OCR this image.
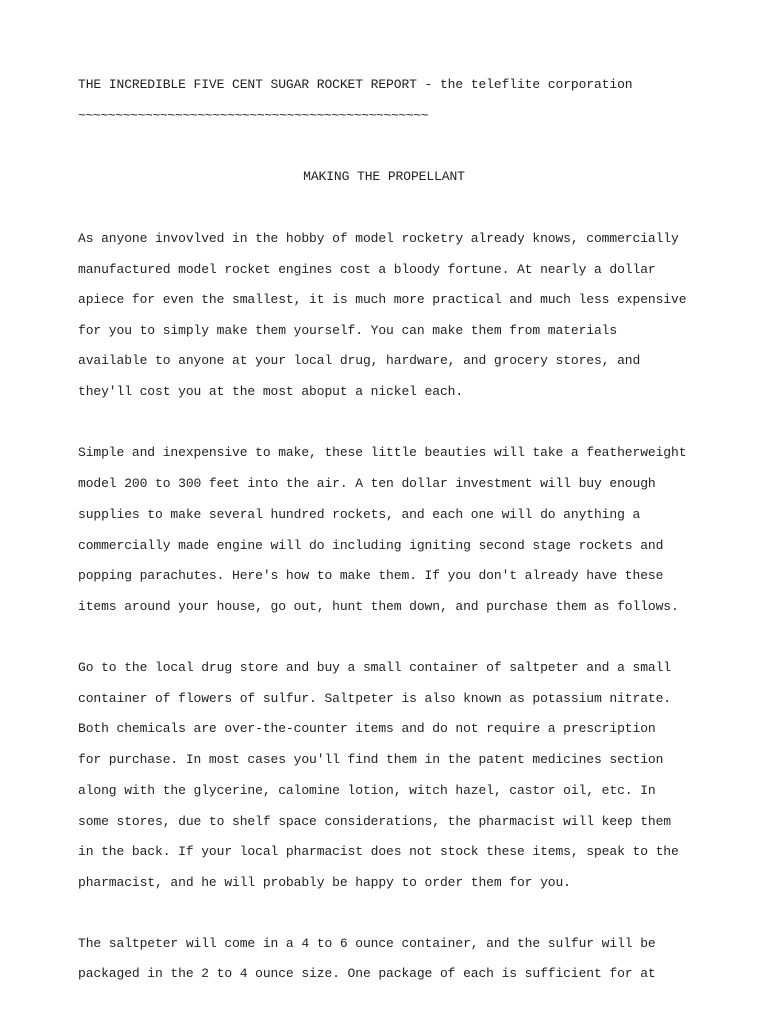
THE INCREDIBLE FIVE CENT SUGAR ROCKET REPORT - the teleflite corporation
~~~~~~~~~~~~~~~~~~~~~~~~~~~~~~~~~~~~~~~~~~~~~~~
MAKING THE PROPELLANT
As anyone invovlved in the hobby of model rocketry already knows, commercially
manufactured model rocket engines cost a bloody fortune. At nearly a dollar
apiece for even the smallest, it is much more practical and much less expensive
for you to simply make them yourself. You can make them from materials
available to anyone at your local drug, hardware, and grocery stores, and
they'll cost you at the most aboput a nickel each.
Simple and inexpensive to make, these little beauties will take a featherweight
model 200 to 300 feet into the air. A ten dollar investment will buy enough
supplies to make several hundred rockets, and each one will do anything a
commercially made engine will do including igniting second stage rockets and
popping parachutes. Here's how to make them. If you don't already have these
items around your house, go out, hunt them down, and purchase them as follows.
Go to the local drug store and buy a small container of saltpeter and a small
container of flowers of sulfur. Saltpeter is also known as potassium nitrate.
Both chemicals are over-the-counter items and do not require a prescription
for purchase. In most cases you'll find them in the patent medicines section
along with the glycerine, calomine lotion, witch hazel, castor oil, etc. In
some stores, due to shelf space considerations, the pharmacist will keep them
in the back. If your local pharmacist does not stock these items, speak to the
pharmacist, and he will probably be happy to order them for you.
The saltpeter will come in a 4 to 6 ounce container, and the sulfur will be
packaged in the 2 to 4 ounce size. One package of each is sufficient for at
